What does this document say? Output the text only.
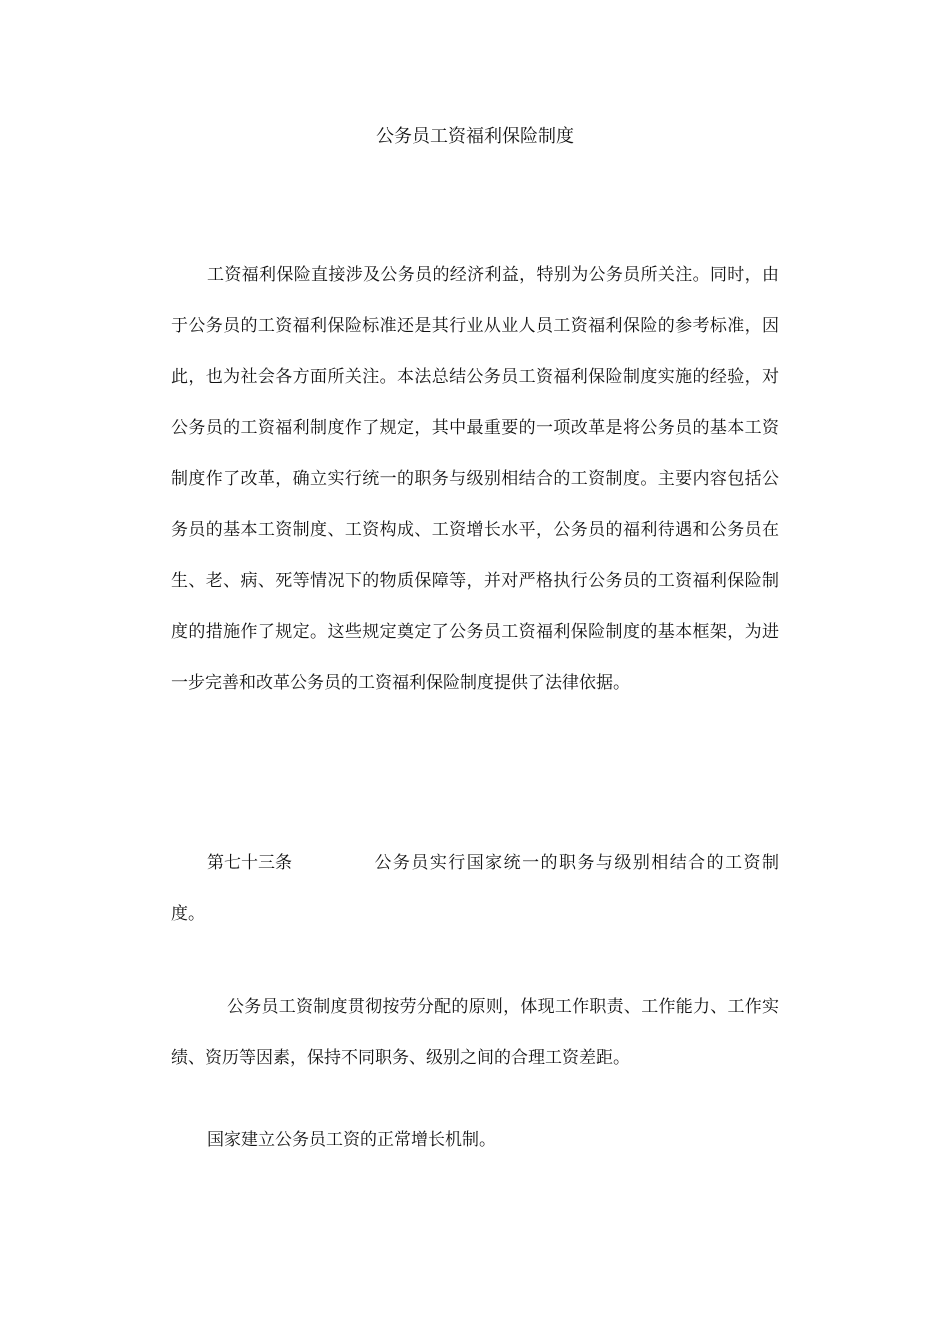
公务员工资福利保险制度

工资福利保险直接涉及公务员的经济利益，特别为公务员所关注。同时，由于公务员的工资福利保险标准还是其行业从业人员工资福利保险的参考标准，因此，也为社会各方面所关注。本法总结公务员工资福利保险制度实施的经验，对公务员的工资福利制度作了规定，其中最重要的一项改革是将公务员的基本工资制度作了改革，确立实行统一的职务与级别相结合的工资制度。主要内容包括公务员的基本工资制度、工资构成、工资增长水平，公务员的福利待遇和公务员在生、老、病、死等情况下的物质保障等，并对严格执行公务员的工资福利保险制度的措施作了规定。这些规定奠定了公务员工资福利保险制度的基本框架，为进一步完善和改革公务员的工资福利保险制度提供了法律依据。

第七十三条	公务员实行国家统一的职务与级别相结合的工资制度。

公务员工资制度贯彻按劳分配的原则，体现工作职责、工作能力、工作实绩、资历等因素，保持不同职务、级别之间的合理工资差距。

国家建立公务员工资的正常增长机制。
